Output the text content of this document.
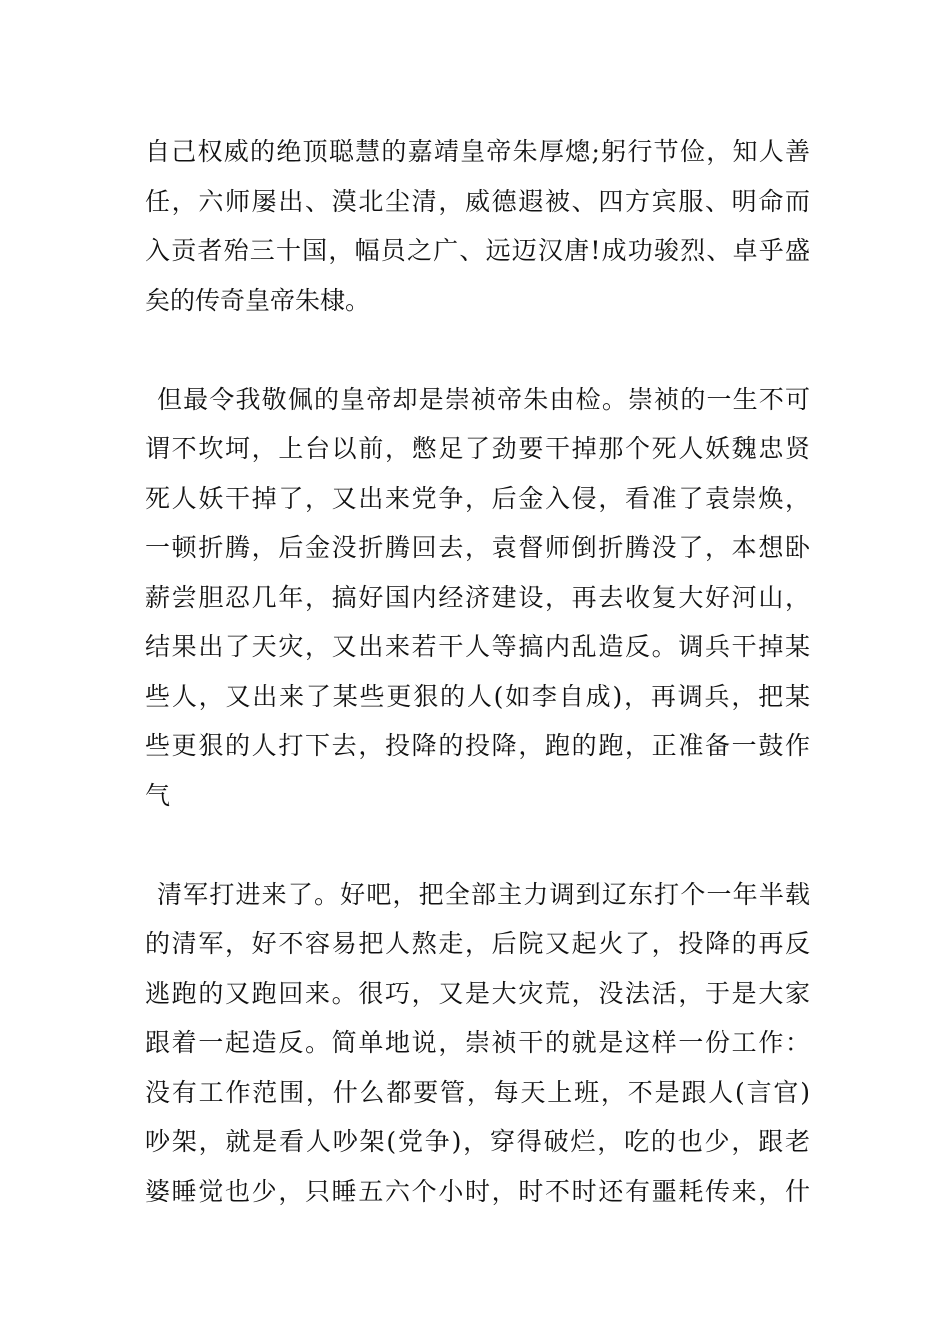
自己权威的绝顶聪慧的嘉靖皇帝朱厚熜;躬行节俭，知人善
任，六师屡出、漠北尘清，威德遐被、四方宾服、明命而
入贡者殆三十国，幅员之广、远迈汉唐!成功骏烈、卓乎盛
矣的传奇皇帝朱棣。
但最令我敬佩的皇帝却是崇祯帝朱由检。崇祯的一生不可
谓不坎坷，上台以前，憋足了劲要干掉那个死人妖魏忠贤
死人妖干掉了，又出来党争，后金入侵，看准了袁崇焕，
一顿折腾，后金没折腾回去，袁督师倒折腾没了，本想卧
薪尝胆忍几年，搞好国内经济建设，再去收复大好河山，
结果出了天灾，又出来若干人等搞内乱造反。调兵干掉某
些人，又出来了某些更狠的人(如李自成)，再调兵，把某
些更狠的人打下去，投降的投降，跑的跑，正准备一鼓作
气
清军打进来了。好吧，把全部主力调到辽东打个一年半载
的清军，好不容易把人熬走，后院又起火了，投降的再反
逃跑的又跑回来。很巧，又是大灾荒，没法活，于是大家
跟着一起造反。简单地说，崇祯干的就是这样一份工作：
没有工作范围，什么都要管，每天上班，不是跟人(言官)
吵架，就是看人吵架(党争)，穿得破烂，吃的也少，跟老
婆睡觉也少，只睡五六个小时，时不时还有噩耗传来，什
